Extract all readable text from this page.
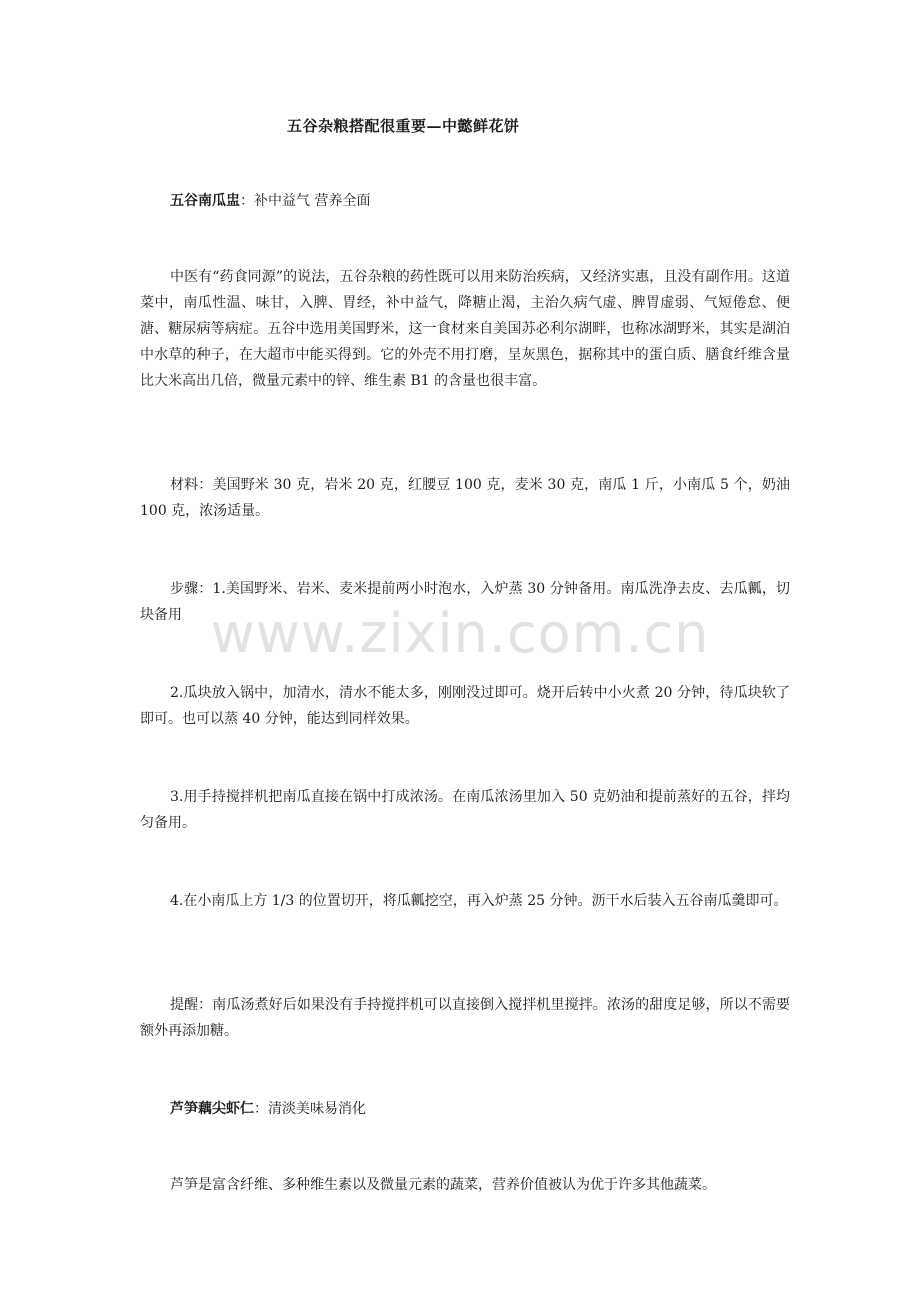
五谷杂粮搭配很重要—中懿鲜花饼

五谷南瓜盅：补中益气 营养全面

中医有“药食同源”的说法，五谷杂粮的药性既可以用来防治疾病，又经济实惠，且没有副作用。这道菜中，南瓜性温、味甘，入脾、胃经，补中益气，降糖止渴，主治久病气虚、脾胃虚弱、气短倦怠、便溏、糖尿病等病症。五谷中选用美国野米，这一食材来自美国苏必利尔湖畔，也称冰湖野米，其实是湖泊中水草的种子，在大超市中能买得到。它的外壳不用打磨，呈灰黑色，据称其中的蛋白质、膳食纤维含量比大米高出几倍，微量元素中的锌、维生素 B1 的含量也很丰富。

材料：美国野米 30 克，岩米 20 克，红腰豆 100 克，麦米 30 克，南瓜 1 斤，小南瓜 5 个，奶油 100 克，浓汤适量。

步骤：1.美国野米、岩米、麦米提前两小时泡水，入炉蒸 30 分钟备用。南瓜洗净去皮、去瓜瓤，切块备用

2.瓜块放入锅中，加清水，清水不能太多，刚刚没过即可。烧开后转中小火煮 20 分钟，待瓜块软了即可。也可以蒸 40 分钟，能达到同样效果。

3.用手持搅拌机把南瓜直接在锅中打成浓汤。在南瓜浓汤里加入 50 克奶油和提前蒸好的五谷，拌均匀备用。

4.在小南瓜上方 1/3 的位置切开，将瓜瓤挖空，再入炉蒸 25 分钟。沥干水后装入五谷南瓜羹即可。

提醒：南瓜汤煮好后如果没有手持搅拌机可以直接倒入搅拌机里搅拌。浓汤的甜度足够，所以不需要额外再添加糖。

芦笋藕尖虾仁：清淡美味易消化

芦笋是富含纤维、多种维生素以及微量元素的蔬菜，营养价值被认为优于许多其他蔬菜。

www.zixin.com.cn
